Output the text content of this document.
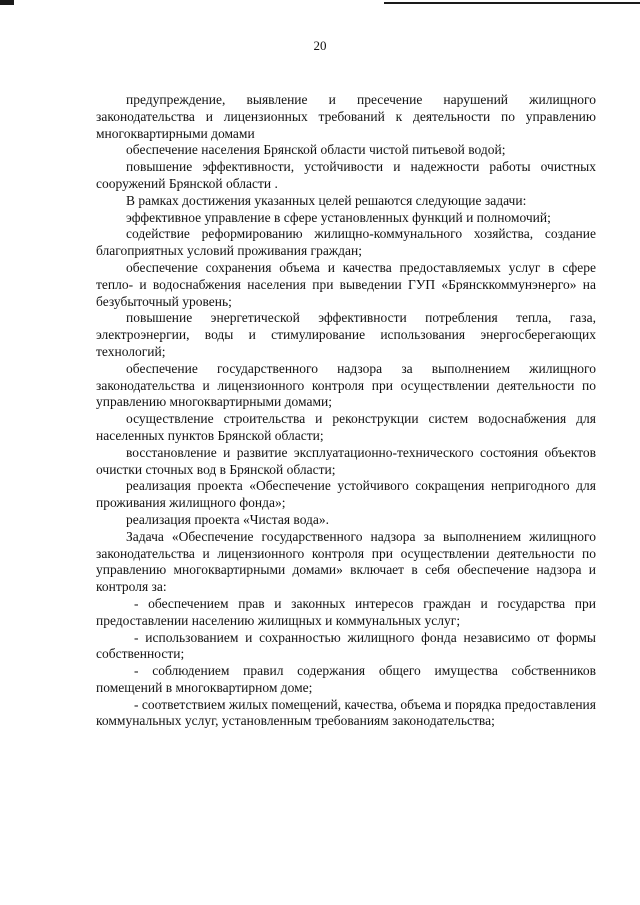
20

предупреждение, выявление и пресечение нарушений жилищного законодательства и лицензионных требований к деятельности по управлению многоквартирными домами

обеспечение населения Брянской области чистой питьевой водой;

повышение эффективности, устойчивости и надежности работы очистных сооружений Брянской области .

В рамках достижения указанных целей решаются следующие задачи:

эффективное управление в сфере установленных функций и полномочий;

содействие реформированию жилищно-коммунального хозяйства, создание благоприятных условий проживания граждан;

обеспечение сохранения объема и качества предоставляемых услуг в сфере тепло- и водоснабжения населения при выведении ГУП «Брянсккоммунэнерго» на безубыточный уровень;

повышение энергетической эффективности потребления тепла, газа, электроэнергии, воды и стимулирование использования энергосберегающих технологий;

обеспечение государственного надзора за выполнением жилищного законодательства и лицензионного контроля при осуществлении деятельности по управлению многоквартирными домами;

осуществление строительства и реконструкции систем водоснабжения для населенных пунктов Брянской области;

восстановление и развитие эксплуатационно-технического состояния объектов очистки сточных вод в Брянской области;

реализация проекта «Обеспечение устойчивого сокращения непригодного для проживания жилищного фонда»;

реализация проекта «Чистая вода».

Задача «Обеспечение государственного надзора за выполнением жилищного законодательства и лицензионного контроля при осуществлении деятельности по управлению многоквартирными домами» включает в себя обеспечение надзора и контроля за:

- обеспечением прав и законных интересов граждан и государства при предоставлении населению жилищных и коммунальных услуг;

- использованием и сохранностью жилищного фонда независимо от формы собственности;

- соблюдением правил содержания общего имущества собственников помещений в многоквартирном доме;

- соответствием жилых помещений, качества, объема и порядка предоставления коммунальных услуг, установленным требованиям законодательства;
